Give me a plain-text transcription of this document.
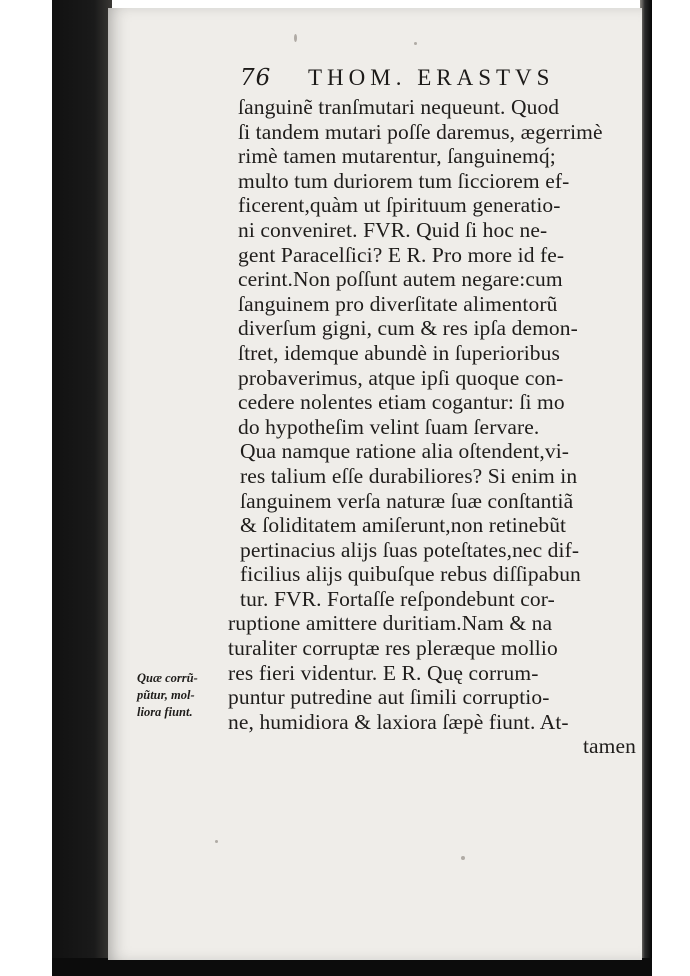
76 THOM. ERASTVS
ſanguinẽ tranſmutari nequeunt. Quod
ſi tandem mutari poſſe daremus, ægerrimè
rimè tamen mutarentur, ſanguinemq́;
multo tum duriorem tum ſicciorem ef-
ficerent,quàm ut ſpirituum generatio-
ni conveniret. FVR. Quid ſi hoc ne-
gent Paracelſici? E R. Pro more id fe-
cerint.Non poſſunt autem negare:cum
ſanguinem pro diverſitate alimentorũ
diverſum gigni, cum & res ipſa demon-
ſtret, idemque abundè in ſuperioribus
probaverimus, atque ipſi quoque con-
cedere nolentes etiam cogantur: ſi mo
do hypotheſim velint ſuam ſervare.
Qua namque ratione alia oſtendent,vi-
res talium eſſe durabiliores? Si enim in
ſanguinem verſa naturæ ſuæ conſtantiã
& ſoliditatem amiſerunt,non retinebũt
pertinacius alijs ſuas poteſtates,nec dif-
ficilius alijs quibuſque rebus diſſipabun
tur. FVR. Fortaſſe reſpondebunt cor-
ruptione amittere duritiam.Nam & na
turaliter corruptæ res pleræque mollio
res fieri videntur. E R. Quę corrum-
puntur putredine aut ſimili corruptio-
ne, humidiora & laxiora ſæpè fiunt. At-
tamen
Quæ corrũ-
pũtur, mol-
liora fiunt.
